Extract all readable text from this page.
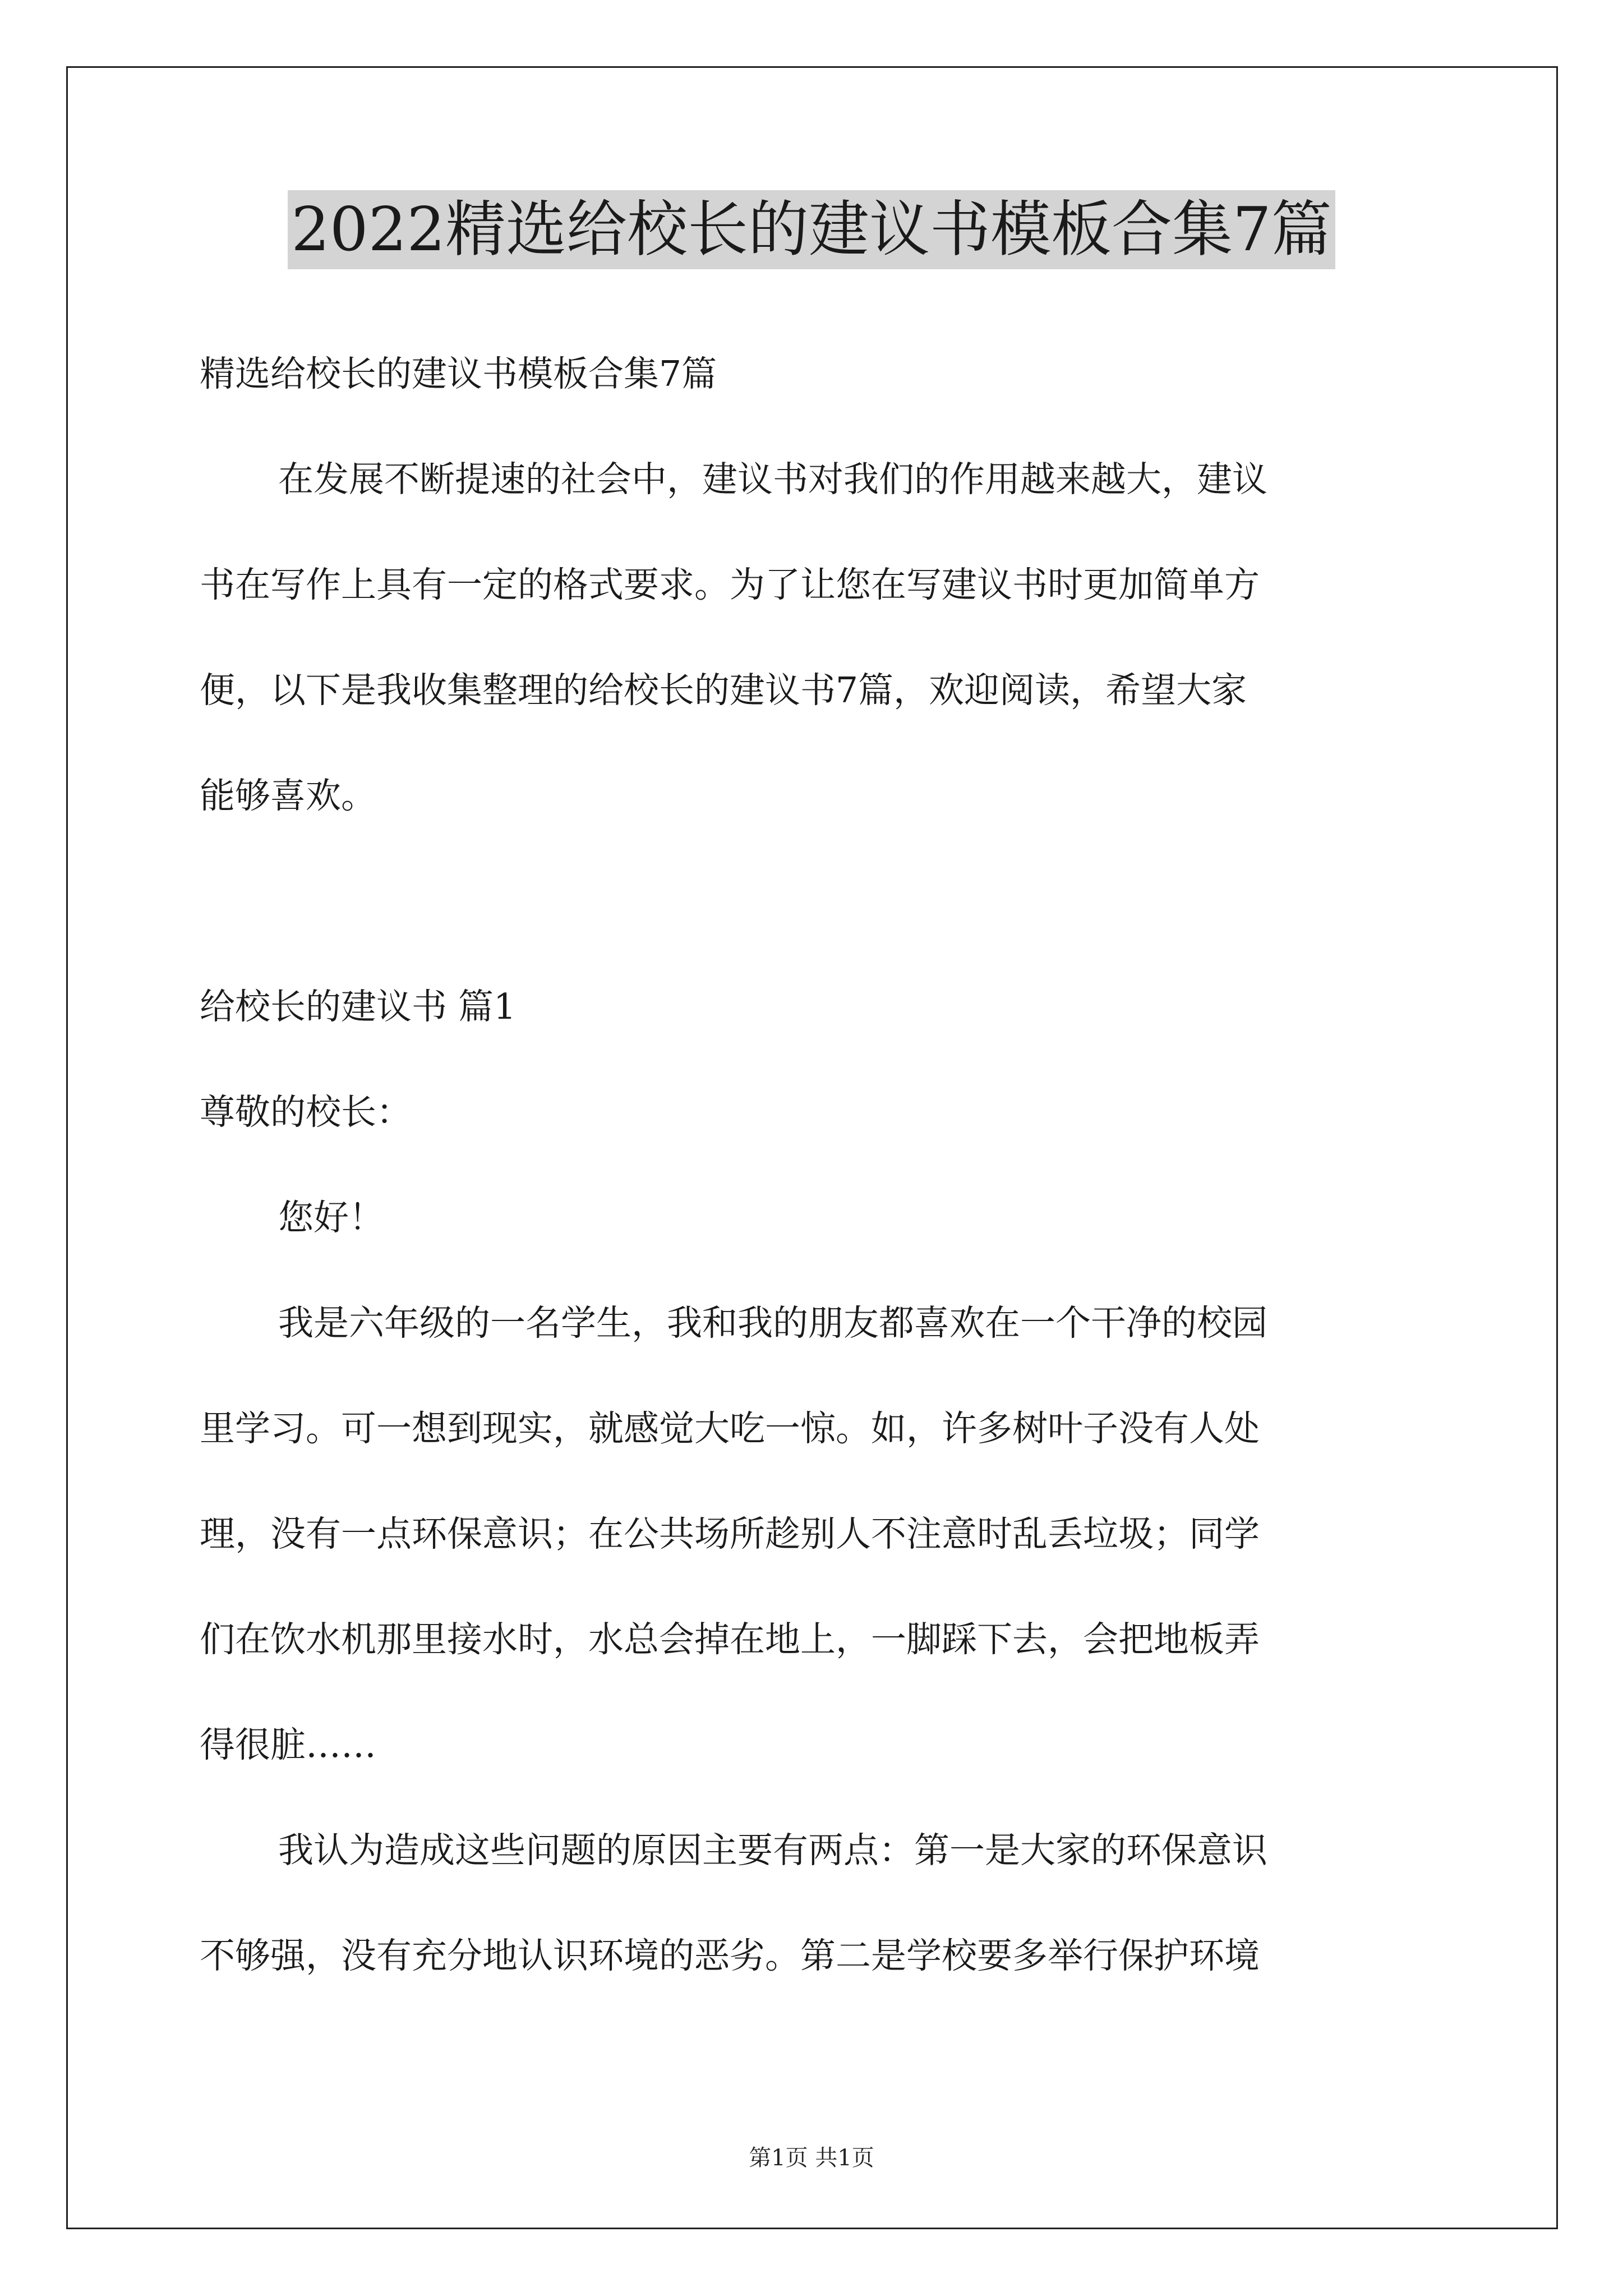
2022精选给校长的建议书模板合集7篇

精选给校长的建议书模板合集7篇

在发展不断提速的社会中，建议书对我们的作用越来越大，建议

书在写作上具有一定的格式要求。为了让您在写建议书时更加简单方

便，以下是我收集整理的给校长的建议书7篇，欢迎阅读，希望大家

能够喜欢。

给校长的建议书 篇1

尊敬的校长：

您好！

我是六年级的一名学生，我和我的朋友都喜欢在一个干净的校园

里学习。可一想到现实，就感觉大吃一惊。如，许多树叶子没有人处

理，没有一点环保意识；在公共场所趁别人不注意时乱丢垃圾；同学

们在饮水机那里接水时，水总会掉在地上，一脚踩下去，会把地板弄

得很脏……

我认为造成这些问题的原因主要有两点：第一是大家的环保意识

不够强，没有充分地认识环境的恶劣。第二是学校要多举行保护环境

第1页 共1页
